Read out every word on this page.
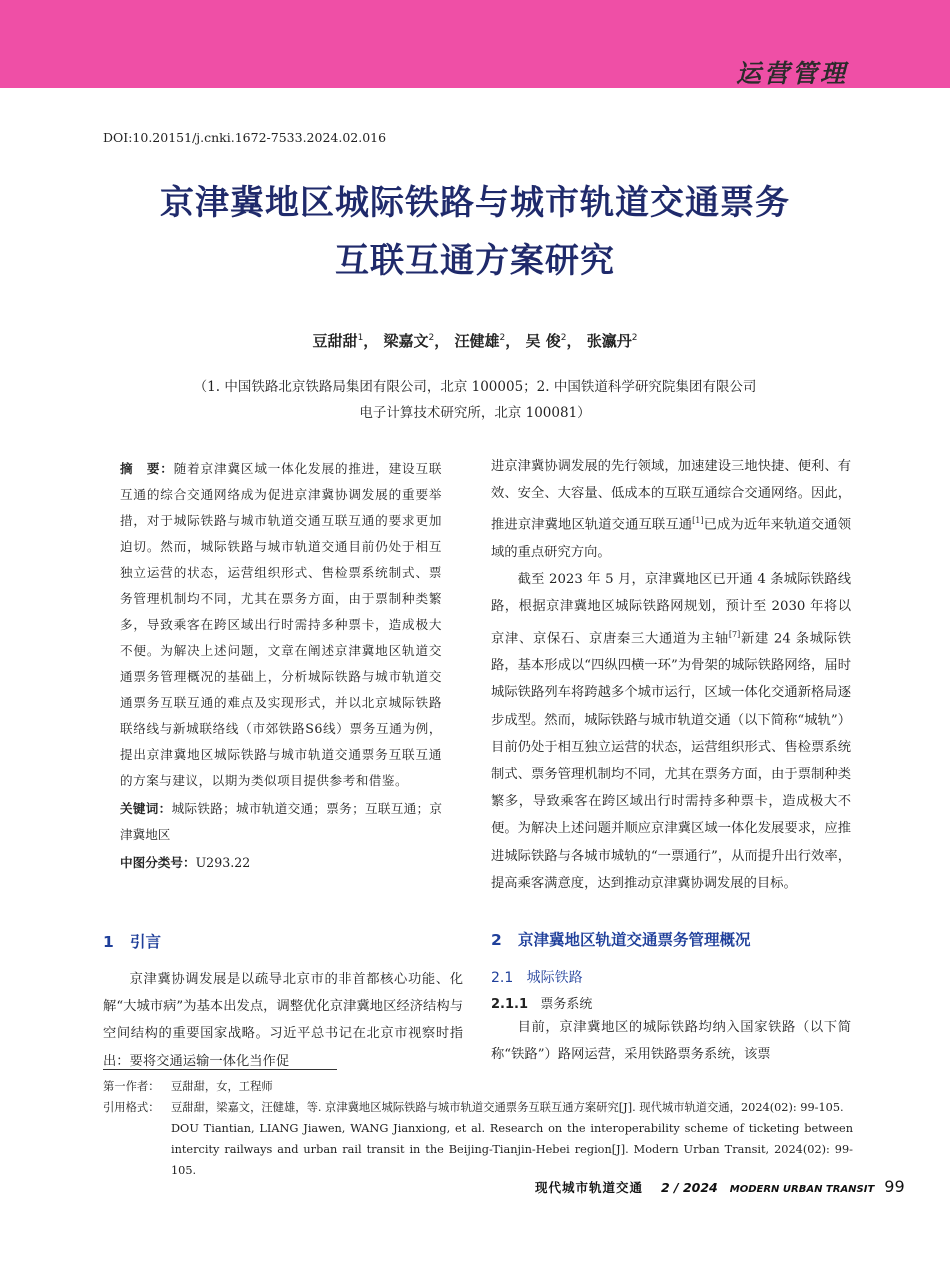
运营管理
DOI:10.20151/j.cnki.1672-7533.2024.02.016
京津冀地区城际铁路与城市轨道交通票务
互联互通方案研究
豆甜甜$^1$， 梁嘉文$^2$， 汪健雄$^2$， 吴 俊$^2$， 张瀛丹$^2$
（1. 中国铁路北京铁路局集团有限公司，北京 100005；2. 中国铁道科学研究院集团有限公司
电子计算技术研究所，北京 100081）
摘　要：随着京津冀区域一体化发展的推进，建设互联互通的综合交通网络成为促进京津冀协调发展的重要举措，对于城际铁路与城市轨道交通互联互通的要求更加迫切。然而，城际铁路与城市轨道交通目前仍处于相互独立运营的状态，运营组织形式、售检票系统制式、票务管理机制均不同，尤其在票务方面，由于票制种类繁多，导致乘客在跨区域出行时需持多种票卡，造成极大不便。为解决上述问题，文章在阐述京津冀地区轨道交通票务管理概况的基础上，分析城际铁路与城市轨道交通票务互联互通的难点及实现形式，并以北京城际铁路联络线与新城联络线（市郊铁路S6线）票务互通为例，提出京津冀地区城际铁路与城市轨道交通票务互联互通的方案与建议，以期为类似项目提供参考和借鉴。
关键词：城际铁路；城市轨道交通；票务；互联互通；京津冀地区
中图分类号：U293.22

进京津冀协调发展的先行领域，加速建设三地快捷、便利、有效、安全、大容量、低成本的互联互通综合交通网络。因此，推进京津冀地区轨道交通互联互通[1]已成为近年来轨道交通领域的重点研究方向。

截至 2023 年 5 月，京津冀地区已开通 4 条城际铁路线路，根据京津冀地区城际铁路网规划，预计至 2030 年将以京津、京保石、京唐秦三大通道为主轴[7]新建 24 条城际铁路，基本形成以“四纵四横一环”为骨架的城际铁路网络，届时城际铁路列车将跨越多个城市运行，区域一体化交通新格局逐步成型。然而，城际铁路与城市轨道交通（以下简称“城轨”）目前仍处于相互独立运营的状态，运营组织形式、售检票系统制式、票务管理机制均不同，尤其在票务方面，由于票制种类繁多，导致乘客在跨区域出行时需持多种票卡，造成极大不便。为解决上述问题并顺应京津冀区域一体化发展要求，应推进城际铁路与各城市城轨的“一票通行”，从而提升出行效率，提高乘客满意度，达到推动京津冀协调发展的目标。

1 引言

京津冀协调发展是以疏导北京市的非首都核心功能、化解“大城市病”为基本出发点，调整优化京津冀地区经济结构与空间结构的重要国家战略。习近平总书记在北京市视察时指出：要将交通运输一体化当作促

2 京津冀地区轨道交通票务管理概况

2.1 城际铁路

2.1.1 票务系统

目前，京津冀地区的城际铁路均纳入国家铁路（以下简称“铁路”）路网运营，采用铁路票务系统，该票

第一作者：	豆甜甜，女，工程师
引用格式：	豆甜甜，梁嘉文，汪健雄，等. 京津冀地区城际铁路与城市轨道交通票务互联互通方案研究[J]. 现代城市轨道交通，2024(02): 99-105.
DOU Tiantian, LIANG Jiawen, WANG Jianxiong, et al. Research on the interoperability scheme of ticketing between intercity railways and urban rail transit in the Beijing-Tianjin-Hebei region[J]. Modern Urban Transit, 2024(02): 99-105.
现代城市轨道交通 2 / 2024 MODERN URBAN TRANSIT 99
